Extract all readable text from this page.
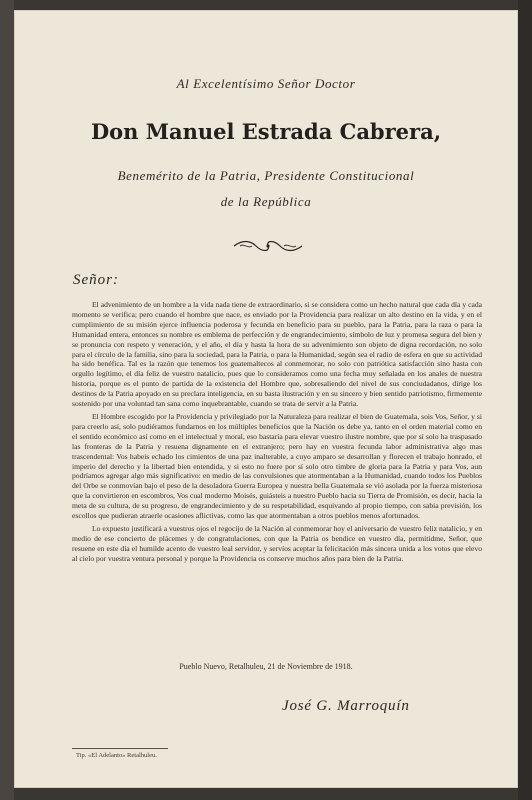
Al Excelentísimo Señor Doctor
Don Manuel Estrada Cabrera,
Benemérito de la Patria, Presidente Constitucional
de la República
Señor:

El advenimiento de un hombre a la vida nada tiene de extraordinario, si se considera como un hecho natural que cada día y cada momento se verifica; pero cuando el hombre que nace, es enviado por la Providencia para realizar un alto destino en la vida, y en el cumplimiento de su misión ejerce influencia poderosa y fecunda en beneficio para su pueblo, para la Patria, para la raza o para la Humanidad entera, entonces su nombre es emblema de perfección y de engrandecimiento, símbolo de luz y promesa segura del bien y se pronuncia con respeto y veneración, y el año, el día y hasta la hora de su advenimiento son objeto de digna recordación, no solo para el círculo de la familia, sino para la sociedad, para la Patria, o para la Humanidad, según sea el radio de esfera en que su actividad ha sido benéfica. Tal es la razón que tenemos los guatemaltecos al conmemorar, no solo con patriótica satisfacción sino hasta con orgullo legítimo, el día feliz de vuestro natalicio, pues que lo consideramos como una fecha muy señalada en los anales de nuestra historia, porque es el punto de partida de la existencia del Hombre que, sobresaliendo del nivel de sus conciudadanos, dirige los destinos de la Patria apoyado en su preclara inteligencia, en su basta ilustración y en su sincero y bien sentido patriotismo, firmemente sostenido por una voluntad tan sana como inquebrantable, cuando se trata de servir a la Patria.

El Hombre escogido por la Providencia y privilegiado por la Naturaleza para realizar el bien de Guatemala, sois Vos, Señor, y si para creerlo así, solo pudiéramos fundarnos en los múltiples beneficios que la Nación os debe ya, tanto en el orden material como en el sentido económico así como en el intelectual y moral, eso bastaría para elevar vuestro ilustre nombre, que por sí solo ha traspasado las fronteras de la Patria y resuena dignamente en el extranjero; pero hay en vuestra fecunda labor administrativa algo mas trascendental: Vos habeis echado los cimientos de una paz inalterable, a cuyo amparo se desarrollan y florecen el trabajo honrado, el imperio del derecho y la libertad bien entendida, y si esto no fuere por sí solo otro timbre de gloria para la Patria y para Vos, aun podríamos agregar algo más significativo: en medio de las convulsiones que atormentaban a la Humanidad, cuando todos los Pueblos del Orbe se conmovían bajo el peso de la desoladora Guerra Europea y nuestra bella Guatemala se vió asolada por la fuerza misteriosa que la convirtieron en escombros, Vos cual moderno Moisés, guiásteis a nuestro Pueblo hacia su Tierra de Promisión, es decir, hacia la meta de su cultura, de su progreso, de engrandecimiento y de su respetabilidad, esquivando al propio tiempo, con sabia previsión, los escollos que pudieran atraerle ocasiones aflictivas, como las que atormentaban a otros pueblos menos afortunados.

Lo expuesto justificará a vuestros ojos el regocijo de la Nación al conmemorar hoy el aniversario de vuestro feliz natalicio, y en medio de ese concierto de plácemes y de congratulaciones, con que la Patria os bendice en vuestro día, permitidme, Señor, que resuene en este día el humilde acento de vuestro leal servidor, y servíos aceptar la felicitación más sincera unida a los votos que elevo al cielo por vuestra ventura personal y porque la Providencia os conserve muchos años para bien de la Patria.

Pueblo Nuevo, Retalhuleu, 21 de Noviembre de 1918.
José G. Marroquín
Tip. «El Adelanto» Retalhuleu.
